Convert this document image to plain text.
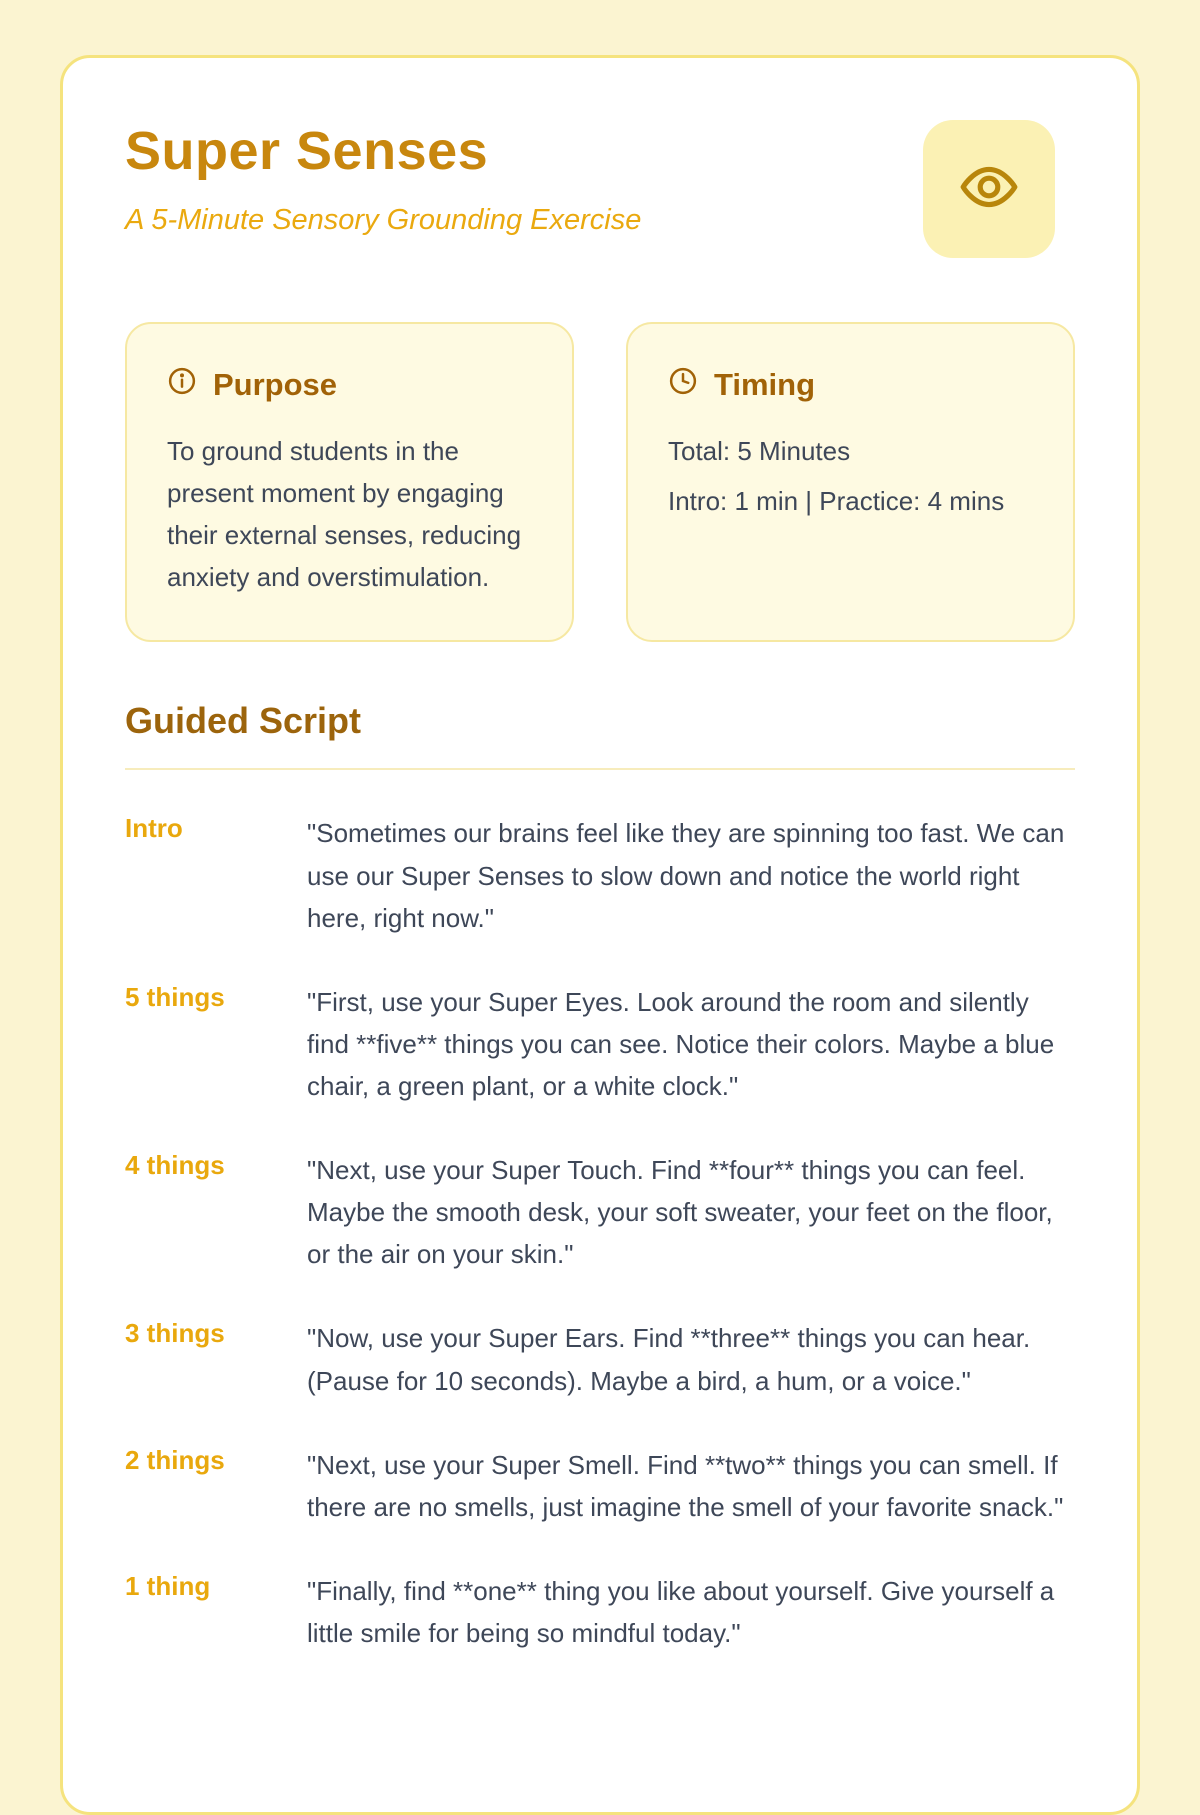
Super Senses
A 5-Minute Sensory Grounding Exercise
Purpose
To ground students in the present moment by engaging their external senses, reducing anxiety and overstimulation.
Timing
Total: 5 Minutes
Intro: 1 min | Practice: 4 mins
Guided Script
Intro	"Sometimes our brains feel like they are spinning too fast. We can use our Super Senses to slow down and notice the world right here, right now."
5 things	"First, use your Super Eyes. Look around the room and silently find **five** things you can see. Notice their colors. Maybe a blue chair, a green plant, or a white clock."
4 things	"Next, use your Super Touch. Find **four** things you can feel. Maybe the smooth desk, your soft sweater, your feet on the floor, or the air on your skin."
3 things	"Now, use your Super Ears. Find **three** things you can hear. (Pause for 10 seconds). Maybe a bird, a hum, or a voice."
2 things	"Next, use your Super Smell. Find **two** things you can smell. If there are no smells, just imagine the smell of your favorite snack."
1 thing	"Finally, find **one** thing you like about yourself. Give yourself a little smile for being so mindful today."
